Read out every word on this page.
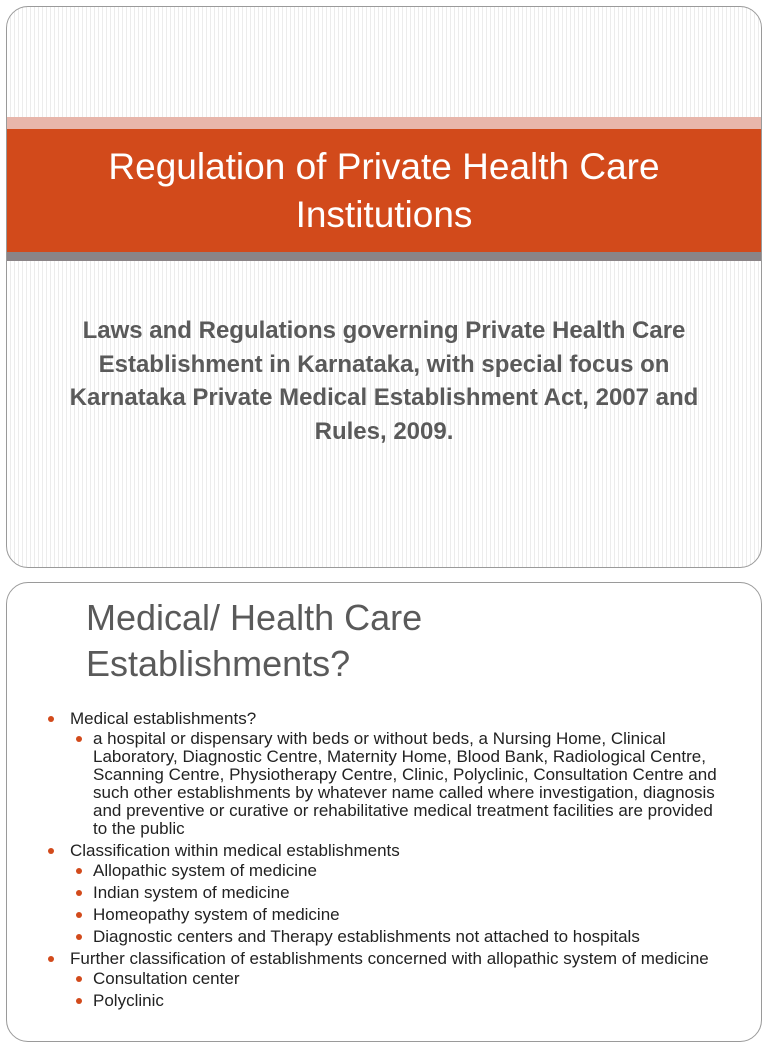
Regulation of Private Health Care Institutions
Laws and Regulations governing Private Health Care Establishment in Karnataka, with special focus on Karnataka Private Medical Establishment Act, 2007 and Rules, 2009.
Medical/ Health Care Establishments?
Medical establishments?
a hospital or dispensary with beds or without beds, a Nursing Home, Clinical Laboratory, Diagnostic Centre, Maternity Home, Blood Bank, Radiological Centre, Scanning Centre, Physiotherapy Centre, Clinic, Polyclinic, Consultation Centre and such other establishments by whatever name called where investigation, diagnosis and preventive or curative or rehabilitative medical treatment facilities are provided to the public
Classification within medical establishments
Allopathic system of medicine
Indian system of medicine
Homeopathy system of medicine
Diagnostic centers and Therapy establishments not attached to hospitals
Further classification of establishments concerned with allopathic system of medicine
Consultation center
Polyclinic
